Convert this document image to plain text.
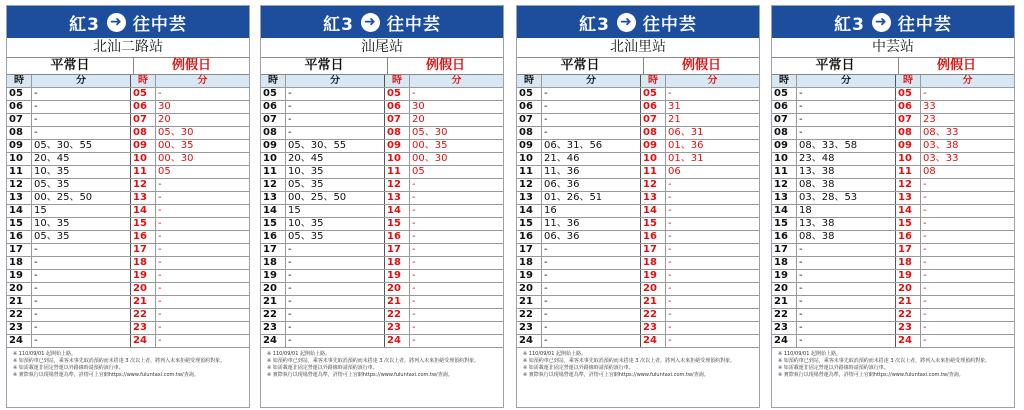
紅3 ➜ 往中芸
北汕二路站
平常日	例假日
時	分	時	分
05	-	05	-
06	-	06	30
07	-	07	20
08	-	08	05、30
09	05、30、55	09	00、35
10	20、45	10	00、30
11	10、35	11	05
12	05、35	12	-
13	00、25、50	13	-
14	15	14	-
15	10、35	15	-
16	05、35	16	-
17	-	17	-
18	-	18	-
19	-	19	-
20	-	20	-
21	-	21	-
22	-	22	-
23	-	23	-
24	-	24	-
※ 110/09/01 起開始上路。
※ 如預約車已到站，乘客未事先取消預約而未搭達 3 次以上者，將列入未來拒絕受理預約對象。
※ 如需載運非固定營運以外路線時請預約該行車。
※ 實際執行以現場營運為準，詳情可上官網https://www.fuluntaxi.com.tw/查詢。
紅3 ➜ 往中芸
汕尾站
平常日	例假日
時	分	時	分
05	-	05	-
06	-	06	30
07	-	07	20
08	-	08	05、30
09	05、30、55	09	00、35
10	20、45	10	00、30
11	10、35	11	05
12	05、35	12	-
13	00、25、50	13	-
14	15	14	-
15	10、35	15	-
16	05、35	16	-
17	-	17	-
18	-	18	-
19	-	19	-
20	-	20	-
21	-	21	-
22	-	22	-
23	-	23	-
24	-	24	-
※ 110/09/01 起開始上路。
※ 如預約車已到站，乘客未事先取消預約而未搭達 3 次以上者，將列入未來拒絕受理預約對象。
※ 如需載運非固定營運以外路線時請預約該行車。
※ 實際執行以現場營運為準，詳情可上官網https://www.fuluntaxi.com.tw/查詢。
紅3 ➜ 往中芸
北汕里站
平常日	例假日
時	分	時	分
05	-	05	-
06	-	06	31
07	-	07	21
08	-	08	06、31
09	06、31、56	09	01、36
10	21、46	10	01、31
11	11、36	11	06
12	06、36	12	-
13	01、26、51	13	-
14	16	14	-
15	11、36	15	-
16	06、36	16	-
17	-	17	-
18	-	18	-
19	-	19	-
20	-	20	-
21	-	21	-
22	-	22	-
23	-	23	-
24	-	24	-
※ 110/09/01 起開始上路。
※ 如預約車已到站，乘客未事先取消預約而未搭達 3 次以上者，將列入未來拒絕受理預約對象。
※ 如需載運非固定營運以外路線時請預約該行車。
※ 實際執行以現場營運為準，詳情可上官網https://www.fuluntaxi.com.tw/查詢。
紅3 ➜ 往中芸
中芸站
平常日	例假日
時	分	時	分
05	-	05	-
06	-	06	33
07	-	07	23
08	-	08	08、33
09	08、33、58	09	03、38
10	23、48	10	03、33
11	13、38	11	08
12	08、38	12	-
13	03、28、53	13	-
14	18	14	-
15	13、38	15	-
16	08、38	16	-
17	-	17	-
18	-	18	-
19	-	19	-
20	-	20	-
21	-	21	-
22	-	22	-
23	-	23	-
24	-	24	-
※ 110/09/01 起開始上路。
※ 如預約車已到站，乘客未事先取消預約而未搭達 3 次以上者，將列入未來拒絕受理預約對象。
※ 如需載運非固定營運以外路線時請預約該行車。
※ 實際執行以現場營運為準，詳情可上官網https://www.fuluntaxi.com.tw/查詢。
